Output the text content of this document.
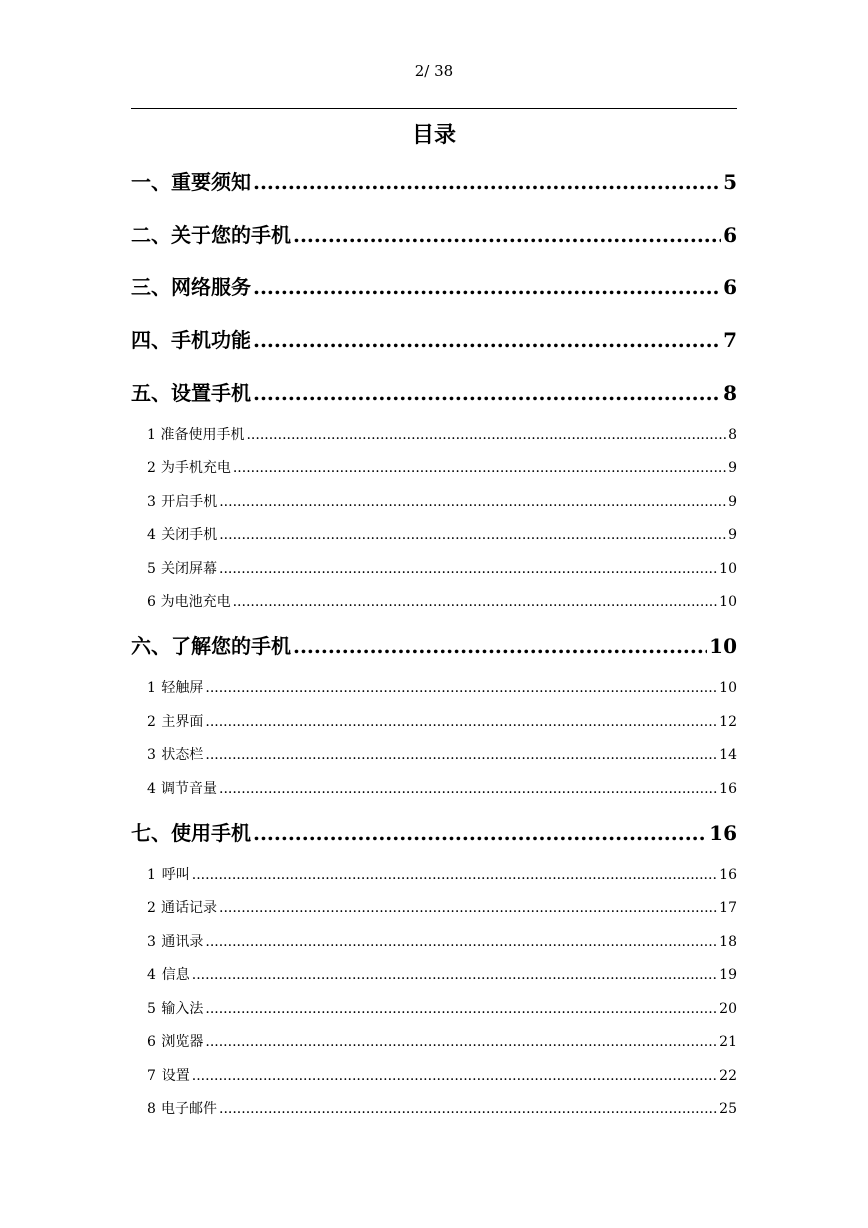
2/ 38
目录
一、 重要须知 .....	5
二、 关于您的手机 .....	6
三、 网络服务 .....	6
四、 手机功能 .....	7
五、 设置手机 .....	8
1 准备使用手机 .....	8
2 为手机充电 .....	9
3 开启手机 .....	9
4 关闭手机 .....	9
5 关闭屏幕 .....	10
6 为电池充电 .....	10
六、 了解您的手机 .....	10
1 轻触屏 .....	10
2 主界面 .....	12
3 状态栏 .....	14
4 调节音量 .....	16
七、 使用手机 .....	16
1 呼叫 .....	16
2 通话记录 .....	17
3 通讯录 .....	18
4 信息 .....	19
5 输入法 .....	20
6 浏览器 .....	21
7 设置 .....	22
8 电子邮件 .....	25
